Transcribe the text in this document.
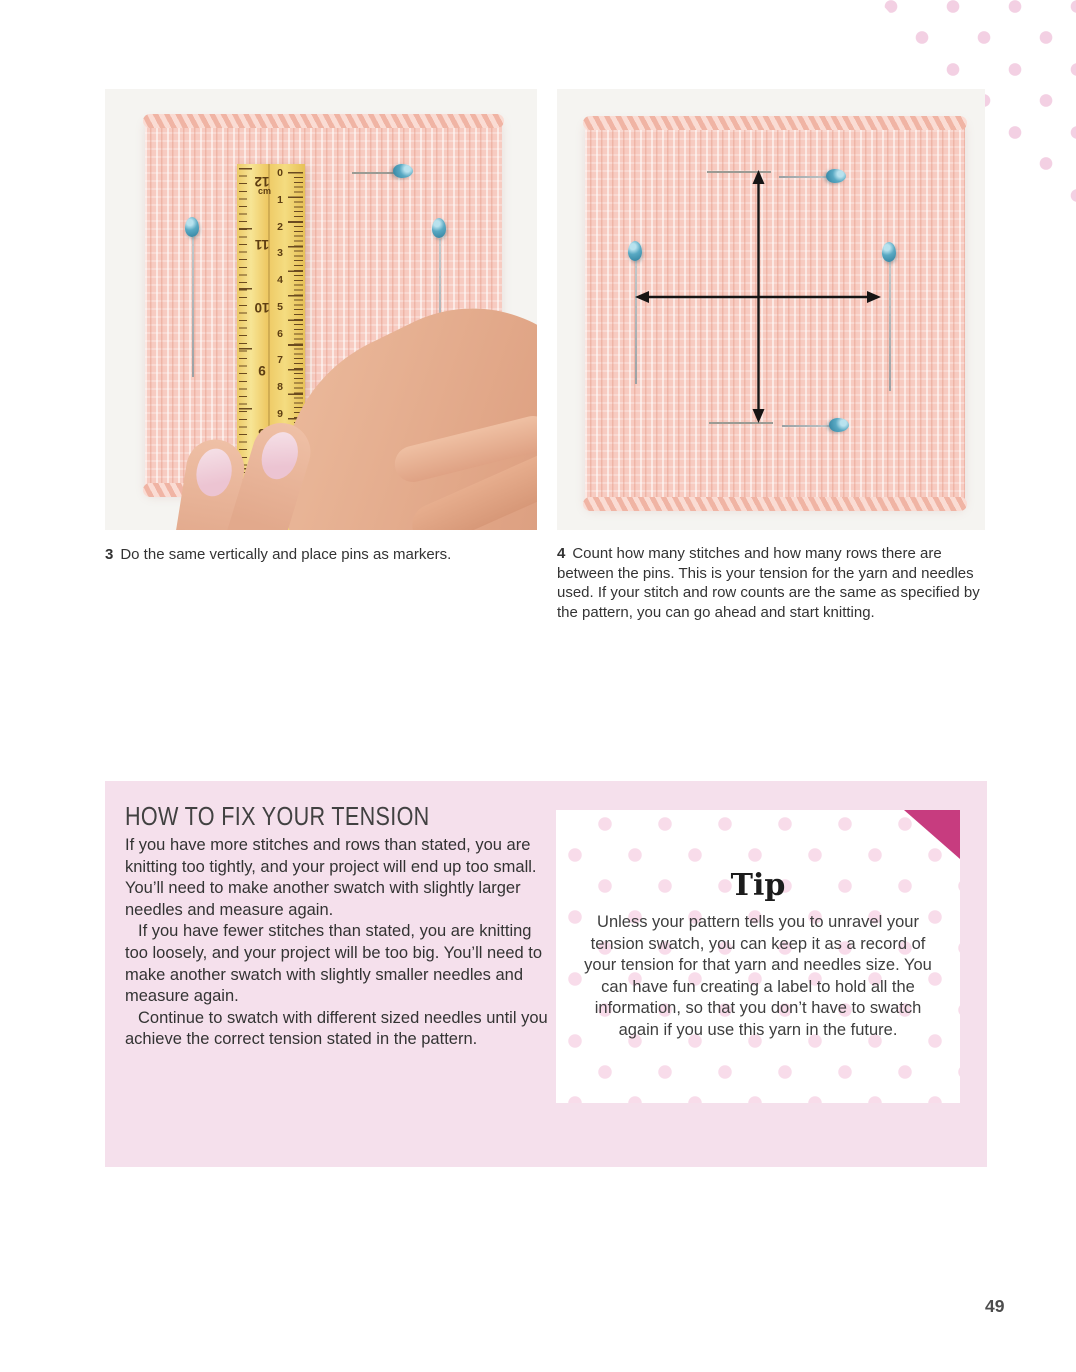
cm
0
1
2
3
4
5
6
7
8
9
12
11
10
9
3 Do the same vertically and place pins as markers.	4 Count how many stitches and how many rows there are between the pins. This is your tension for the yarn and needles used. If your stitch and row counts are the same as specified by the pattern, you can go ahead and start knitting.
HOW TO FIX YOUR TENSION

If you have more stitches and rows than stated, you are knitting too tightly, and your project will end up too small. You’ll need to make another swatch with slightly larger needles and measure again.

If you have fewer stitches than stated, you are knitting too loosely, and your project will be too big. You’ll need to make another swatch with slightly smaller needles and measure again.

Continue to swatch with different sized needles until you achieve the correct tension stated in the pattern.

Tip
Unless your pattern tells you to unravel your tension swatch, you can keep it as a record of your tension for that yarn and needles size. You can have fun creating a label to hold all the information, so that you don’t have to swatch again if you use this yarn in the future.
49
